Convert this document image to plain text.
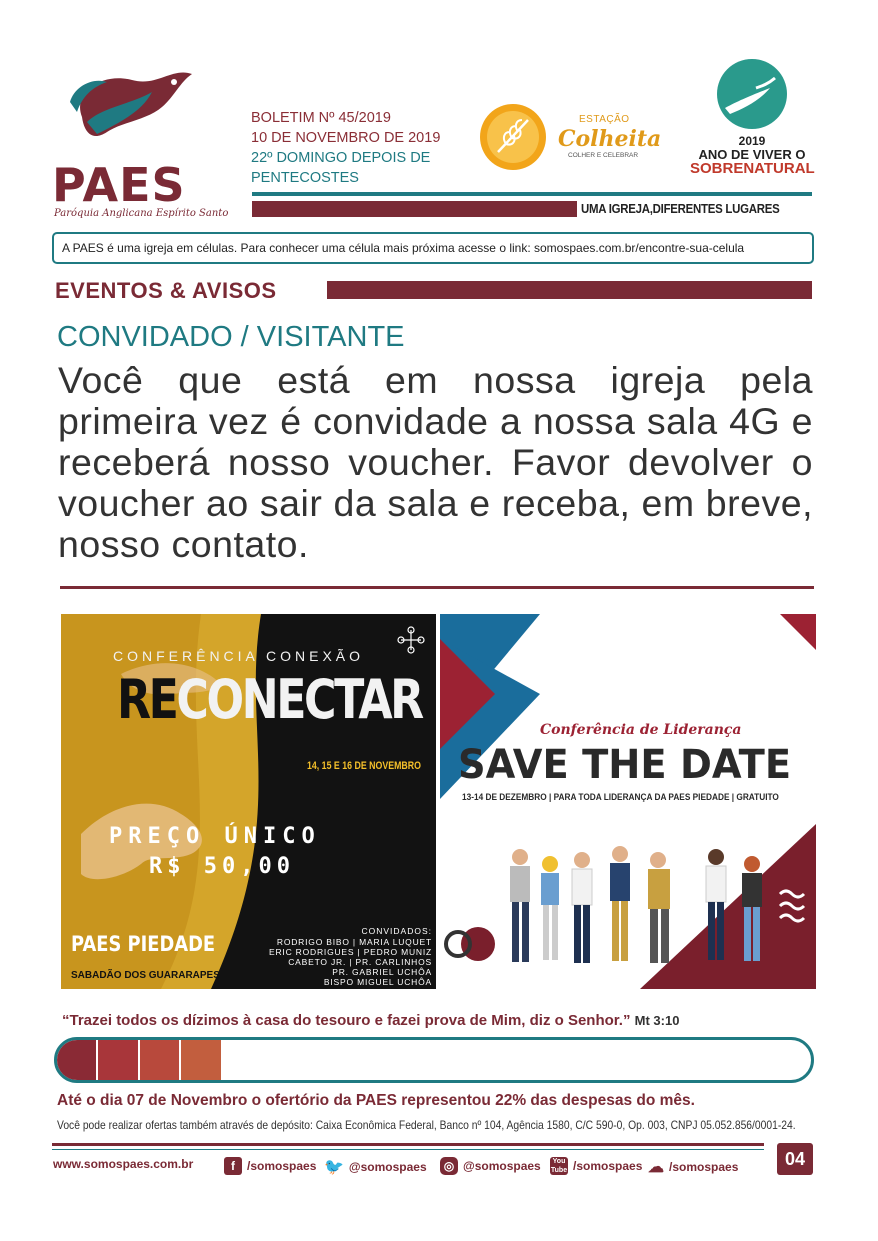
PAES
Paróquia Anglicana Espírito Santo
BOLETIM Nº 45/2019
10 DE NOVEMBRO DE 2019
22º DOMINGO DEPOIS DE
PENTECOSTES
ESTAÇÃO
Colheita
COLHER E CELEBRAR
2019
ANO DE VIVER O
SOBRENATURAL
UMA IGREJA,DIFERENTES LUGARES
A PAES é uma igreja em células. Para conhecer uma célula mais próxima acesse o link: somospaes.com.br/encontre-sua-celula
EVENTOS & AVISOS
CONVIDADO / VISITANTE
Você que está em nossa igreja pela primeira vez é convidade a nossa sala 4G e receberá nosso voucher. Favor devolver o voucher ao sair da sala e receba, em breve, nosso contato.
CONFERÊNCIA CONEXÃO
RECONECTAR
14, 15 E 16 DE NOVEMBRO
PREÇO ÚNICO
R$ 50,00
PAES PIEDADE
SABADÃO DOS GUARARAPES
CONVIDADOS:
RODRIGO BIBO | MARIA LUQUET
ERIC RODRIGUES | PEDRO MUNIZ
CABETO JR. | PR. CARLINHOS
PR. GABRIEL UCHÔA
BISPO MIGUEL UCHÔA
Conferência de Liderança
SAVE THE DATE
13-14 DE DEZEMBRO | PARA TODA LIDERANÇA DA PAES PIEDADE | GRATUITO
“Trazei todos os dízimos à casa do tesouro e fazei prova de Mim, diz o Senhor.” Mt 3:10
Até o dia 07 de Novembro o ofertório da PAES representou 22% das despesas do mês.
Você pode realizar ofertas também através de depósito: Caixa Econômica Federal, Banco nº 104, Agência 1580, C/C 590-0, Op. 003, CNPJ 05.052.856/0001-24.
www.somospaes.com.br	f	/somospaes 🐦 @somospaes	◎ @somospaes	You
Tube /somospaes ☁ /somospaes	04
